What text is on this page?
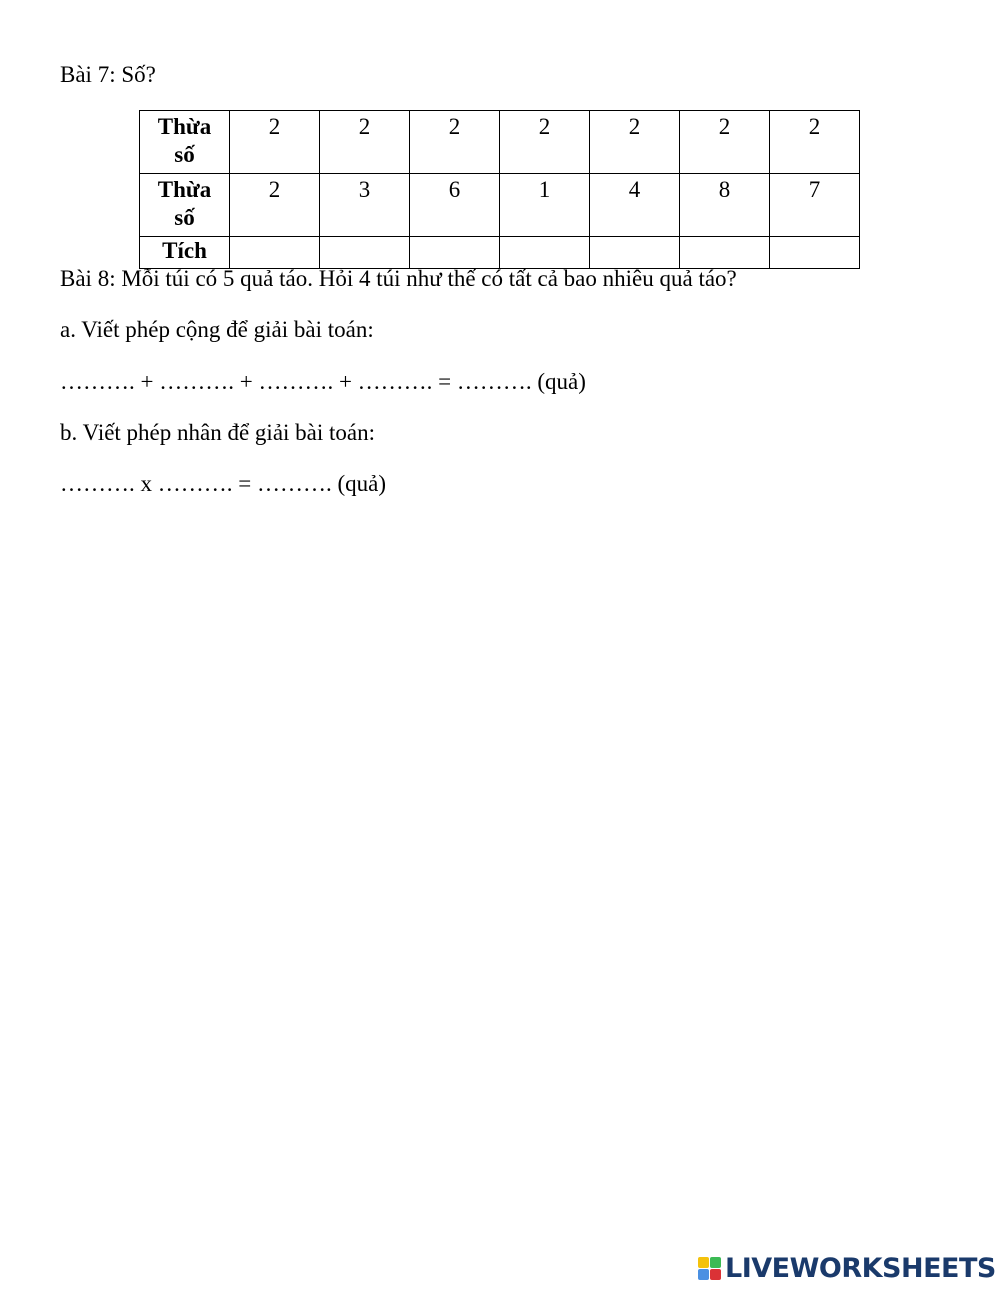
Bài 7: Số?
Thừa
số	2	2	2	2	2	2	2

Thừa
số	2	3	6	1	4	8	7

Tích							

Bài 8: Mỗi túi có 5 quả táo. Hỏi 4 túi như thế có tất cả bao nhiêu quả táo?
a. Viết phép cộng để giải bài toán:
………. + ………. + ………. + ………. = ………. (quả)
b. Viết phép nhân để giải bài toán:
………. x ………. = ………. (quả)
LIVEWORKSHEETS
